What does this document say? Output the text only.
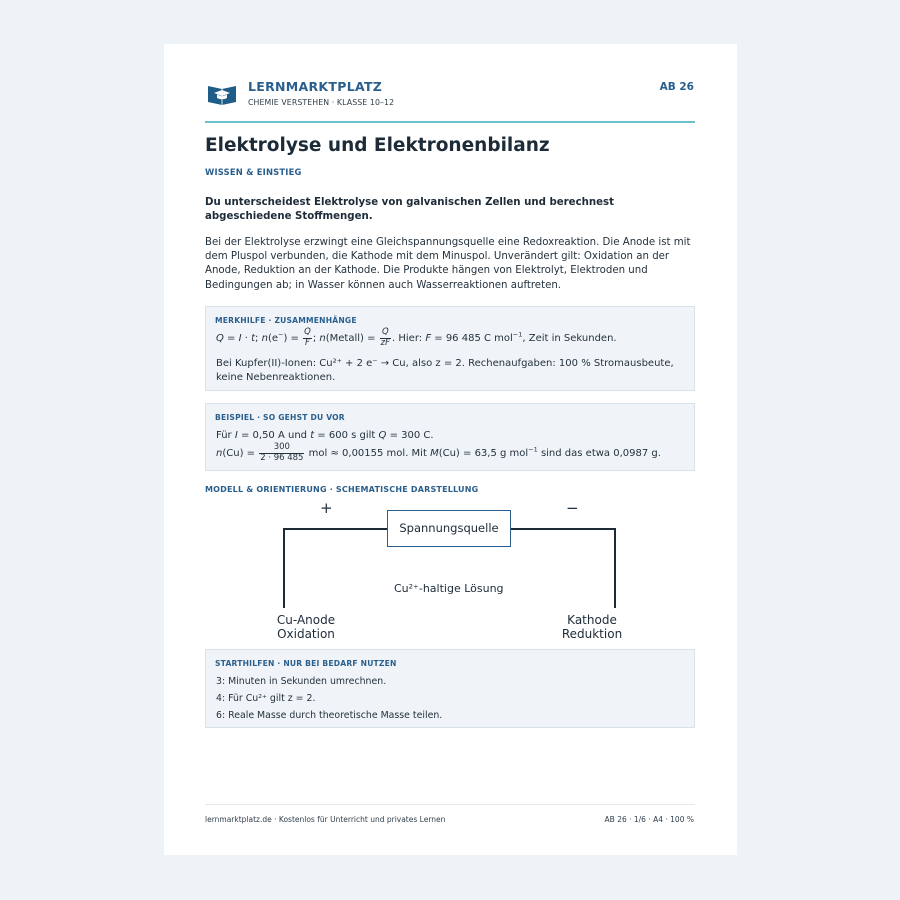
LERNMARKTPLATZ
CHEMIE VERSTEHEN · KLASSE 10–12
AB 26
Elektrolyse und Elektronenbilanz
WISSEN & EINSTIEG
Du unterscheidest Elektrolyse von galvanischen Zellen und berechnest abgeschiedene Stoffmengen.
Bei der Elektrolyse erzwingt eine Gleichspannungsquelle eine Redoxreaktion. Die Anode ist mit dem Pluspol verbunden, die Kathode mit dem Minuspol. Unverändert gilt: Oxidation an der Anode, Reduktion an der Kathode. Die Produkte hängen von Elektrolyt, Elektroden und Bedingungen ab; in Wasser können auch Wasserreaktionen auftreten.
MERKHILFE · ZUSAMMENHÄNGE
Q = I · t; $n(e^-) = \frac{Q}{F}$ ; n(Metall) = $\frac{Q}{zF}$ . Hier: F = 96 485 C mol$^{-1}$, Zeit in Sekunden.
Bei Kupfer(II)-Ionen: Cu²⁺ + 2 e⁻ → Cu, also z = 2. Rechenaufgaben: 100 % Stromausbeute,
keine Nebenreaktionen.
BEISPIEL · SO GEHST DU VOR
Für I = 0,50 A und t = 600 s gilt Q = 300 C.
$n(Cu) = \frac{300}{2 \cdot 96 485}$ mol ≈ 0,00155 mol. Mit M(Cu) = 63,5 g mol$^{-1}$ sind das etwa 0,0987 g.
MODELL & ORIENTIERUNG · SCHEMATISCHE DARSTELLUNG
+	−
Spannungsquelle
Cu²⁺-haltige Lösung
Cu-Anode
Oxidation
Kathode
Reduktion
STARTHILFEN · NUR BEI BEDARF NUTZEN
3: Minuten in Sekunden umrechnen.
4: Für Cu²⁺ gilt z = 2.
6: Reale Masse durch theoretische Masse teilen.
lernmarktplatz.de · Kostenlos für Unterricht und privates Lernen	AB 26 · 1/6 · A4 · 100 %
